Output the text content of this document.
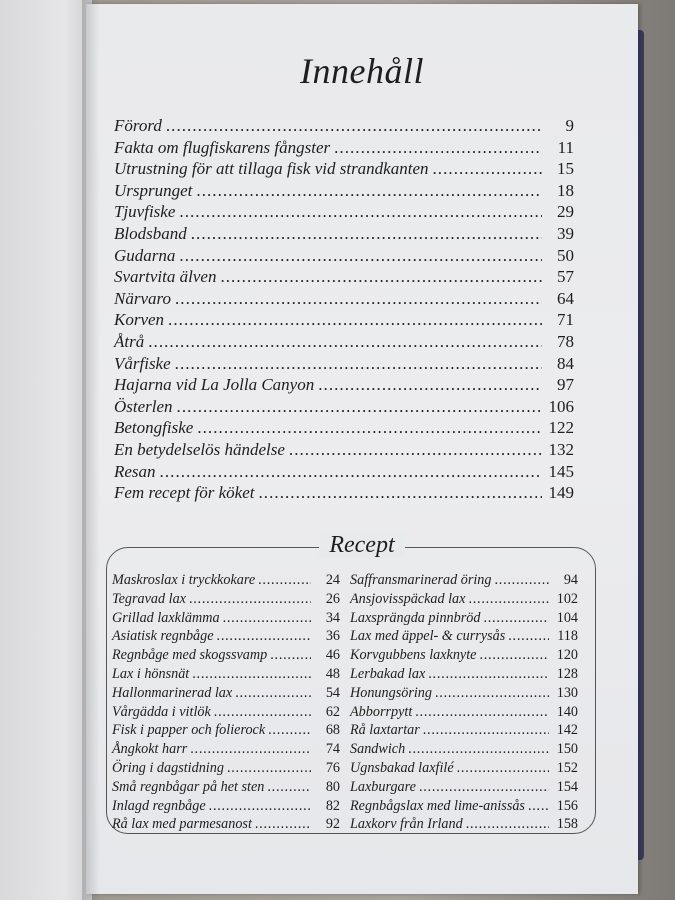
Innehåll
Förord . . .	9
Fakta om flugfiskarens fångster . . .	11
Utrustning för att tillaga fisk vid strandkanten . . .	15
Ursprunget . . .	18
Tjuvfiske . . .	29
Blodsband . . .	39
Gudarna . . .	50
Svartvita älven . . .	57
Närvaro . . .	64
Korven . . .	71
Åtrå . . .	78
Vårfiske . . .	84
Hajarna vid La Jolla Canyon . . .	97
Österlen . . .	106
Betongfiske . . .	122
En betydelselös händelse . . .	132
Resan . . .	145
Fem recept för köket . . .	149
Recept
Maskroslax i tryckkokare . . .	24
Tegravad lax . . .	26
Grillad laxklämma . . .	34
Asiatisk regnbåge . . .	36
Regnbåge med skogssvamp . . .	46
Lax i hönsnät . . .	48
Hallonmarinerad lax . . .	54
Vårgädda i vitlök . . .	62
Fisk i papper och folierock . . .	68
Ångkokt harr . . .	74
Öring i dagstidning . . .	76
Små regnbågar på het sten . . .	80
Inlagd regnbåge . . .	82
Rå lax med parmesanost . . .	92
Saffransmarinerad öring . . .	94
Ansjovisspäckad lax . . .	102
Laxsprängda pinnbröd . . .	104
Lax med äppel- & currysås . . .	118
Korvgubbens laxknyte . . .	120
Lerbakad lax . . .	128
Honungsöring . . .	130
Abborrpytt . . .	140
Rå laxtartar . . .	142
Sandwich . . .	150
Ugnsbakad laxfilé . . .	152
Laxburgare . . .	154
Regnbågslax med lime-anissås . . .	156
Laxkorv från Irland . . .	158
